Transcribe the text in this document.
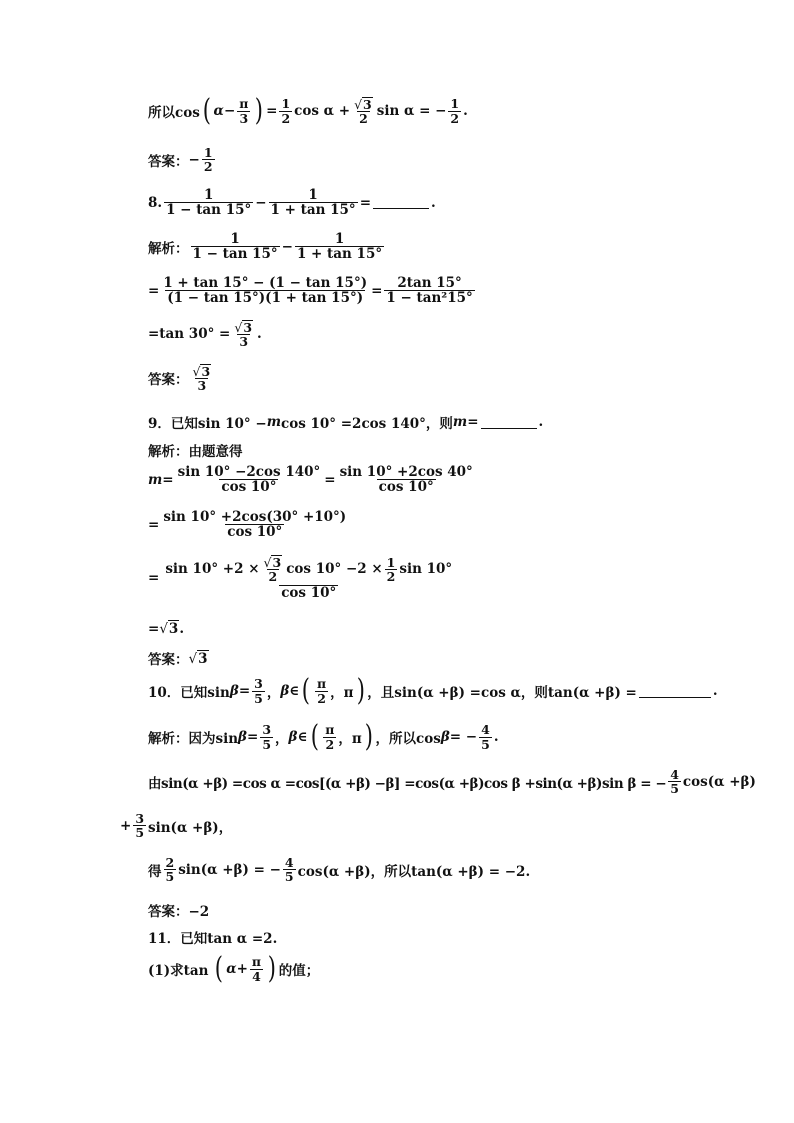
所以cos ( $\alpha - \frac{\pi}{3}$ ) = $\frac{1}{2}$ $\cos \alpha + \frac{√ 3}{2}$ sin α = − $\frac{1}{2}$ .
答案： − $\frac{1}{2}$
8. $\frac{1}{1 - \tan 15^\circ} - \frac{1}{1 + \tan 15^\circ}$ =	.
解析： $\frac{1}{1 - \tan 15^\circ} - \frac{1}{1 + \tan 15^\circ}$
= $\frac{1 + \tan 15^\circ - (1 - \tan 15^\circ)}{(1 - \tan 15^\circ)(1 + \tan 15^\circ)} = \frac{2\tan 15^\circ}{\text{1 − tan²15°}}$
=tan $30^\circ = \frac{√ 3}{3}$ .
答案： $\frac{√ 3}{3}$
9．已知sin 10° − m cos 10° =2cos 140°，则 m =	.
解析：由题意得
$m = \frac{\sin 10^\circ -2\cos 140^\circ}{\cos 10^\circ} = \frac{\sin 10^\circ +2\cos 40^\circ}{\cos 10^\circ}$
= $\frac{\sin 10^\circ +2\cos(30^\circ +10^\circ)}{\cos 10^\circ}$
=
$\sin 10^\circ +2 \times \frac{√ 3}{2}$ $\cos 10^\circ -2 \times \frac{1}{2}$ sin 10°
cos 10°
= √ 3 .
答案： √ 3
10．已知$\sin \beta = \frac{3}{5}$ ， β ∈ ( $\frac{\pi}{2}$ ，π ) ，且sin(α +β) =cos α，则tan(α +β) =	.
解析：因为$\sin \beta = \frac{3}{5}$ ， β ∈ ( $\frac{\pi}{2}$ ，π ) ，所以cos β = − $\frac{4}{5}$ .
由sin(α +β) =cos α =cos[(α +β) −β] =cos(α +β)cos β +sin(α +β)sin β = − $\frac{4}{5} \cos(\alpha +\beta)$
+ $\frac{3}{5} \sin(\alpha +\beta)$，
得 $\frac{2}{5} \sin(\alpha +\beta)$ = − $\frac{4}{5} \cos(\alpha +\beta)$，所以tan(α +β) = −2.
答案：−2
11．已知tan α =2.
(1)求tan ( $\alpha + \frac{\pi}{4}$ ) 的值；
